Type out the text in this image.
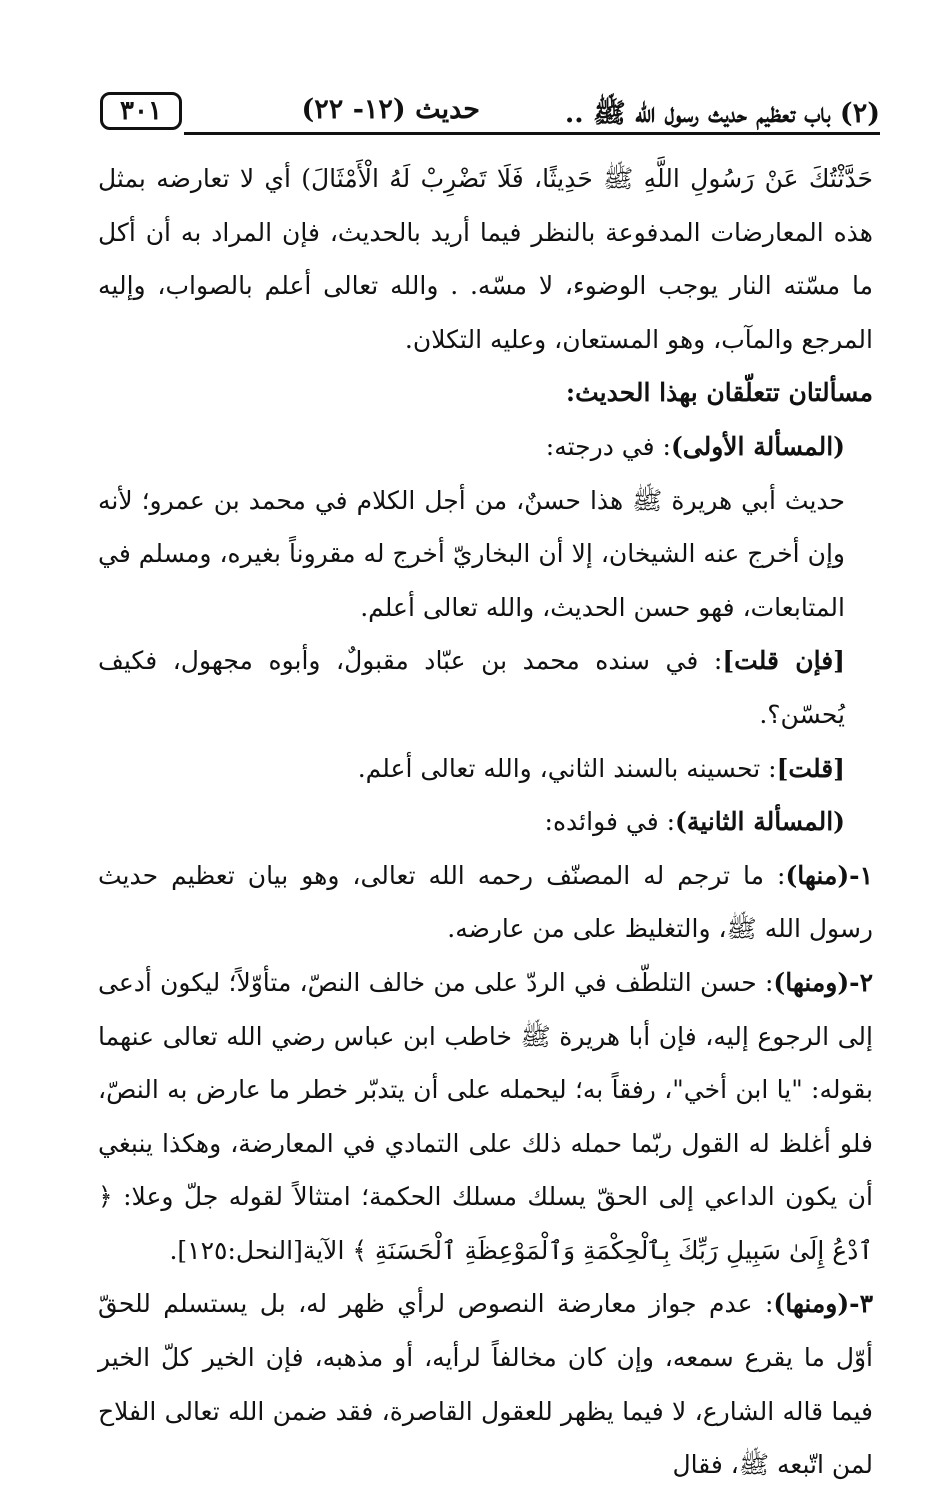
(٢) باب تعظيم حديث رسول الله ﷺ ..
حديث (١٢- ٢٢)
٣٠١

حَدَّثْتُكَ عَنْ رَسُولِ اللَّهِ ﷺ حَدِيثًا، فَلَا تَضْرِبْ لَهُ الْأَمْثَالَ) أي لا تعارضه بمثل هذه المعارضات المدفوعة بالنظر فيما أريد بالحديث، فإن المراد به أن أكل ما مسّته النار يوجب الوضوء، لا مسّه. . والله تعالى أعلم بالصواب، وإليه المرجع والمآب، وهو المستعان، وعليه التكلان.

مسألتان تتعلّقان بهذا الحديث:

(المسألة الأولى): في درجته:

حديث أبي هريرة ﷺ هذا حسنٌ، من أجل الكلام في محمد بن عمرو؛ لأنه وإن أخرج عنه الشيخان، إلا أن البخاريّ أخرج له مقروناً بغيره، ومسلم في المتابعات، فهو حسن الحديث، والله تعالى أعلم.

[فإن قلت]: في سنده محمد بن عبّاد مقبولٌ، وأبوه مجهول، فكيف يُحسّن؟.

[قلت]: تحسينه بالسند الثاني، والله تعالى أعلم.

(المسألة الثانية): في فوائده:

١-(منها): ما ترجم له المصنّف رحمه الله تعالى، وهو بيان تعظيم حديث رسول الله ﷺ، والتغليظ على من عارضه.

٢-(ومنها): حسن التلطّف في الردّ على من خالف النصّ، متأوّلاً؛ ليكون أدعى إلى الرجوع إليه، فإن أبا هريرة ﷺ خاطب ابن عباس رضي الله تعالى عنهما بقوله: "يا ابن أخي"، رفقاً به؛ ليحمله على أن يتدبّر خطر ما عارض به النصّ، فلو أغلظ له القول ربّما حمله ذلك على التمادي في المعارضة، وهكذا ينبغي أن يكون الداعي إلى الحقّ يسلك مسلك الحكمة؛ امتثالاً لقوله جلّ وعلا: ﴿ ٱدْعُ إِلَىٰ سَبِيلِ رَبِّكَ بِٱلْحِكْمَةِ وَٱلْمَوْعِظَةِ ٱلْحَسَنَةِ ﴾ الآية[النحل:١٢٥].

٣-(ومنها): عدم جواز معارضة النصوص لرأي ظهر له، بل يستسلم للحقّ أوّل ما يقرع سمعه، وإن كان مخالفاً لرأيه، أو مذهبه، فإن الخير كلّ الخير فيما قاله الشارع، لا فيما يظهر للعقول القاصرة، فقد ضمن الله تعالى الفلاح لمن اتّبعه ﷺ، فقال
